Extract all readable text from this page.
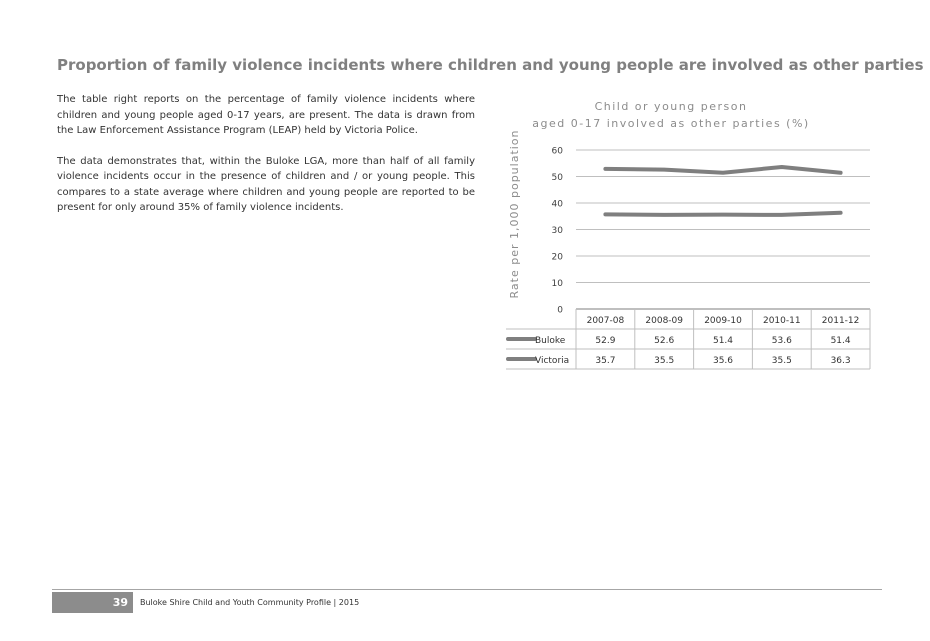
Proportion of family violence incidents where children and young people are involved as other parties

The table right reports on the percentage of family violence incidents where children and young people aged 0-17 years, are present. The data is drawn from the Law Enforcement Assistance Program (LEAP) held by Victoria Police.

The data demonstrates that, within the Buloke LGA, more than half of all family violence incidents occur in the presence of children and / or young people. This compares to a state average where children and young people are reported to be present for only around 35% of family violence incidents.

Child or young person
aged 0-17 involved as other parties (%)
Rate per 1,000 population
0
10
20
30
40
50
60
2007-08 2008-09 2009-10 2010-11 2011-12
Buloke	52.9	52.6	51.4	53.6	51.4
Victoria	35.7	35.5	35.6	35.5	36.3
39	Buloke Shire Child and Youth Community Profile | 2015
